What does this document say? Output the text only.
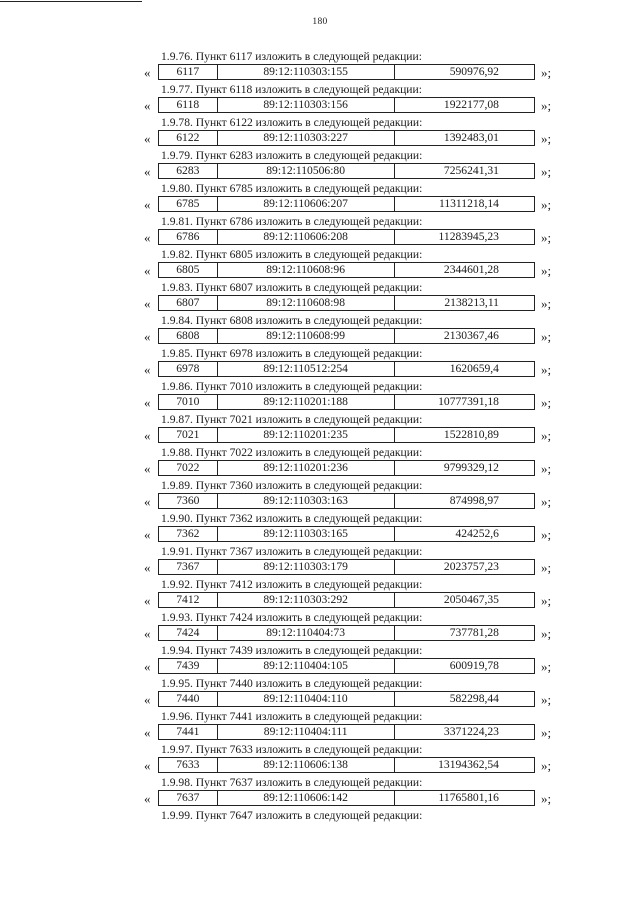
180
1.9.76. Пункт 6117 изложить в следующей редакции:
«	6117	89:12:110303:155	590976,92	»;
1.9.77. Пункт 6118 изложить в следующей редакции:
«	6118	89:12:110303:156	1922177,08	»;
1.9.78. Пункт 6122 изложить в следующей редакции:
«	6122	89:12:110303:227	1392483,01	»;
1.9.79. Пункт 6283 изложить в следующей редакции:
«	6283	89:12:110506:80	7256241,31	»;
1.9.80. Пункт 6785 изложить в следующей редакции:
«	6785	89:12:110606:207	11311218,14	»;
1.9.81. Пункт 6786 изложить в следующей редакции:
«	6786	89:12:110606:208	11283945,23	»;
1.9.82. Пункт 6805 изложить в следующей редакции:
«	6805	89:12:110608:96	2344601,28	»;
1.9.83. Пункт 6807 изложить в следующей редакции:
«	6807	89:12:110608:98	2138213,11	»;
1.9.84. Пункт 6808 изложить в следующей редакции:
«	6808	89:12:110608:99	2130367,46	»;
1.9.85. Пункт 6978 изложить в следующей редакции:
«	6978	89:12:110512:254	1620659,4	»;
1.9.86. Пункт 7010 изложить в следующей редакции:
«	7010	89:12:110201:188	10777391,18	»;
1.9.87. Пункт 7021 изложить в следующей редакции:
«	7021	89:12:110201:235	1522810,89	»;
1.9.88. Пункт 7022 изложить в следующей редакции:
«	7022	89:12:110201:236	9799329,12	»;
1.9.89. Пункт 7360 изложить в следующей редакции:
«	7360	89:12:110303:163	874998,97	»;
1.9.90. Пункт 7362 изложить в следующей редакции:
«	7362	89:12:110303:165	424252,6	»;
1.9.91. Пункт 7367 изложить в следующей редакции:
«	7367	89:12:110303:179	2023757,23	»;
1.9.92. Пункт 7412 изложить в следующей редакции:
«	7412	89:12:110303:292	2050467,35	»;
1.9.93. Пункт 7424 изложить в следующей редакции:
«	7424	89:12:110404:73	737781,28	»;
1.9.94. Пункт 7439 изложить в следующей редакции:
«	7439	89:12:110404:105	600919,78	»;
1.9.95. Пункт 7440 изложить в следующей редакции:
«	7440	89:12:110404:110	582298,44	»;
1.9.96. Пункт 7441 изложить в следующей редакции:
«	7441	89:12:110404:111	3371224,23	»;
1.9.97. Пункт 7633 изложить в следующей редакции:
«	7633	89:12:110606:138	13194362,54	»;
1.9.98. Пункт 7637 изложить в следующей редакции:
«	7637	89:12:110606:142	11765801,16	»;
1.9.99. Пункт 7647 изложить в следующей редакции:
